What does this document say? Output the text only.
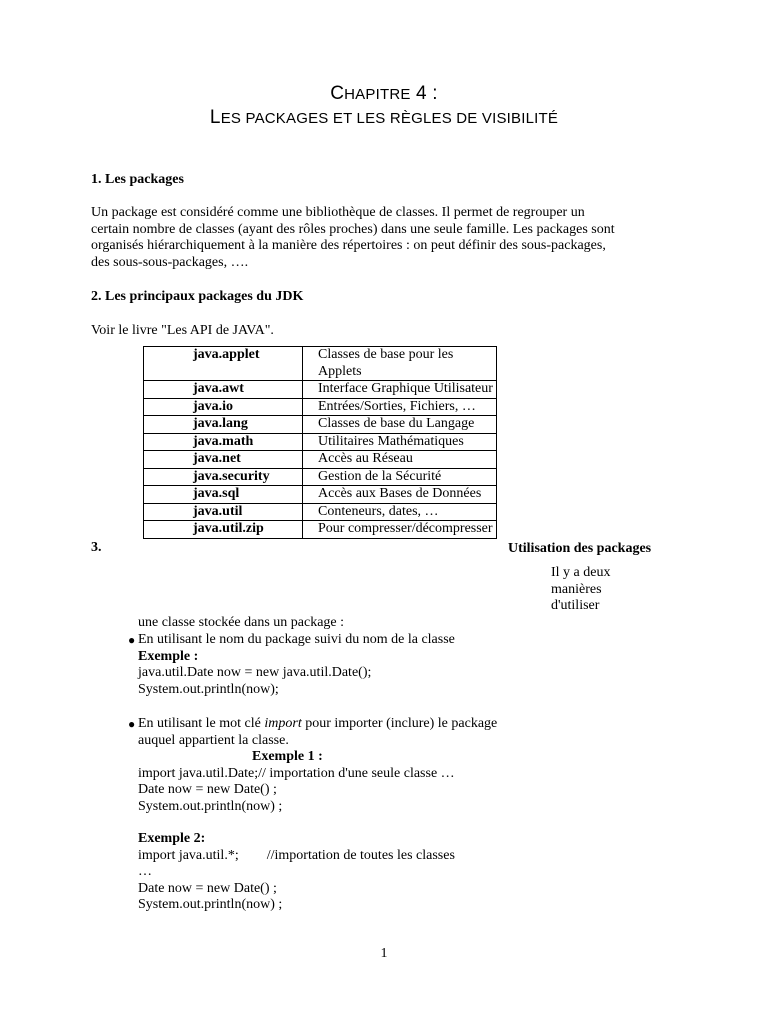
CHAPITRE 4 :
LES PACKAGES ET LES RÈGLES DE VISIBILITÉ
1. Les packages

Un package est considéré comme une bibliothèque de classes. Il permet de regrouper un

certain nombre de classes (ayant des rôles proches) dans une seule famille. Les packages sont

organisés hiérarchiquement à la manière des répertoires : on peut définir des sous-packages,

des sous-sous-packages, ….

2. Les principaux packages du JDK
Voir le livre "Les API de JAVA".
java.applet	Classes de base pour les Applets
java.awt	Interface Graphique Utilisateur
java.io	Entrées/Sorties, Fichiers, …
java.lang	Classes de base du Langage
java.math	Utilitaires Mathématiques
java.net	Accès au Réseau
java.security	Gestion de la Sécurité
java.sql	Accès aux Bases de Données
java.util	Conteneurs, dates, …
java.util.zip	Pour compresser/décompresser
3.	Utilisation des packages
Il y a deux
manières
d'utiliser
une classe stockée dans un package :
● En utilisant le nom du package suivi du nom de la classe
Exemple :
java.util.Date now = new java.util.Date();
System.out.println(now);
● En utilisant le mot clé import pour importer (inclure) le package
auquel appartient la classe.
Exemple 1 :
import java.util.Date;// importation d'une seule classe …
Date now = new Date() ;
System.out.println(now) ;
Exemple 2:
import java.util.*; //importation de toutes les classes
…
Date now = new Date() ;
System.out.println(now) ;
1
